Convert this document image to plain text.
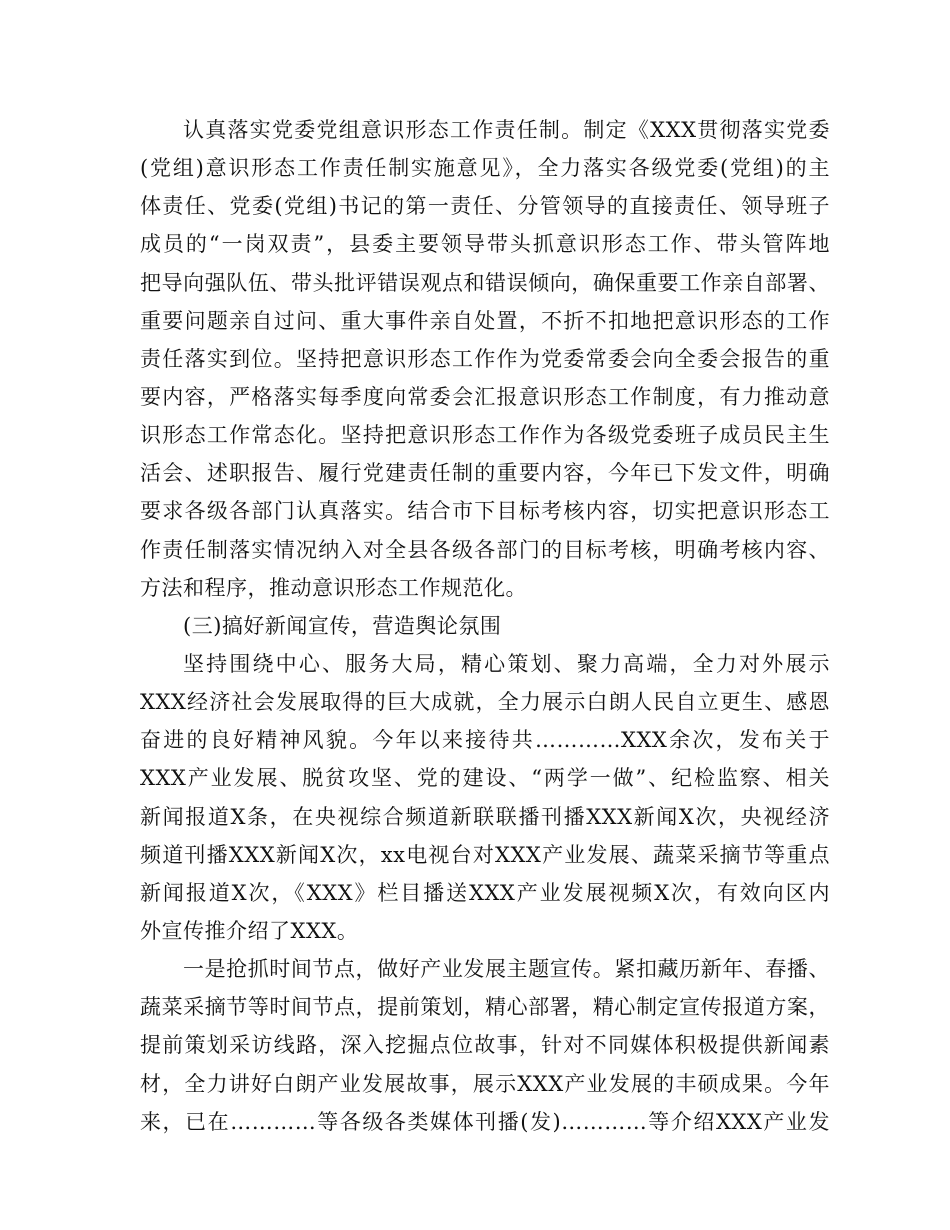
认真落实党委党组意识形态工作责任制。制定《XXX贯彻落实党委
(党组)意识形态工作责任制实施意见》，全力落实各级党委(党组)的主
体责任、党委(党组)书记的第一责任、分管领导的直接责任、领导班子
成员的“一岗双责”，县委主要领导带头抓意识形态工作、带头管阵地
把导向强队伍、带头批评错误观点和错误倾向，确保重要工作亲自部署、
重要问题亲自过问、重大事件亲自处置，不折不扣地把意识形态的工作
责任落实到位。坚持把意识形态工作作为党委常委会向全委会报告的重
要内容，严格落实每季度向常委会汇报意识形态工作制度，有力推动意
识形态工作常态化。坚持把意识形态工作作为各级党委班子成员民主生
活会、述职报告、履行党建责任制的重要内容，今年已下发文件，明确
要求各级各部门认真落实。结合市下目标考核内容，切实把意识形态工
作责任制落实情况纳入对全县各级各部门的目标考核，明确考核内容、
方法和程序，推动意识形态工作规范化。
(三)搞好新闻宣传，营造舆论氛围
坚持围绕中心、服务大局，精心策划、聚力高端，全力对外展示
XXX经济社会发展取得的巨大成就，全力展示白朗人民自立更生、感恩
奋进的良好精神风貌。今年以来接待共…………XXX余次，发布关于
XXX产业发展、脱贫攻坚、党的建设、“两学一做”、纪检监察、相关
新闻报道X条，在央视综合频道新联联播刊播XXX新闻X次，央视经济
频道刊播XXX新闻X次，xx电视台对XXX产业发展、蔬菜采摘节等重点
新闻报道X次，《XXX》栏目播送XXX产业发展视频X次，有效向区内
外宣传推介绍了XXX。
一是抢抓时间节点，做好产业发展主题宣传。紧扣藏历新年、春播、
蔬菜采摘节等时间节点，提前策划，精心部署，精心制定宣传报道方案，
提前策划采访线路，深入挖掘点位故事，针对不同媒体积极提供新闻素
材，全力讲好白朗产业发展故事，展示XXX产业发展的丰硕成果。今年
来，已在…………等各级各类媒体刊播(发)…………等介绍XXX产业发
